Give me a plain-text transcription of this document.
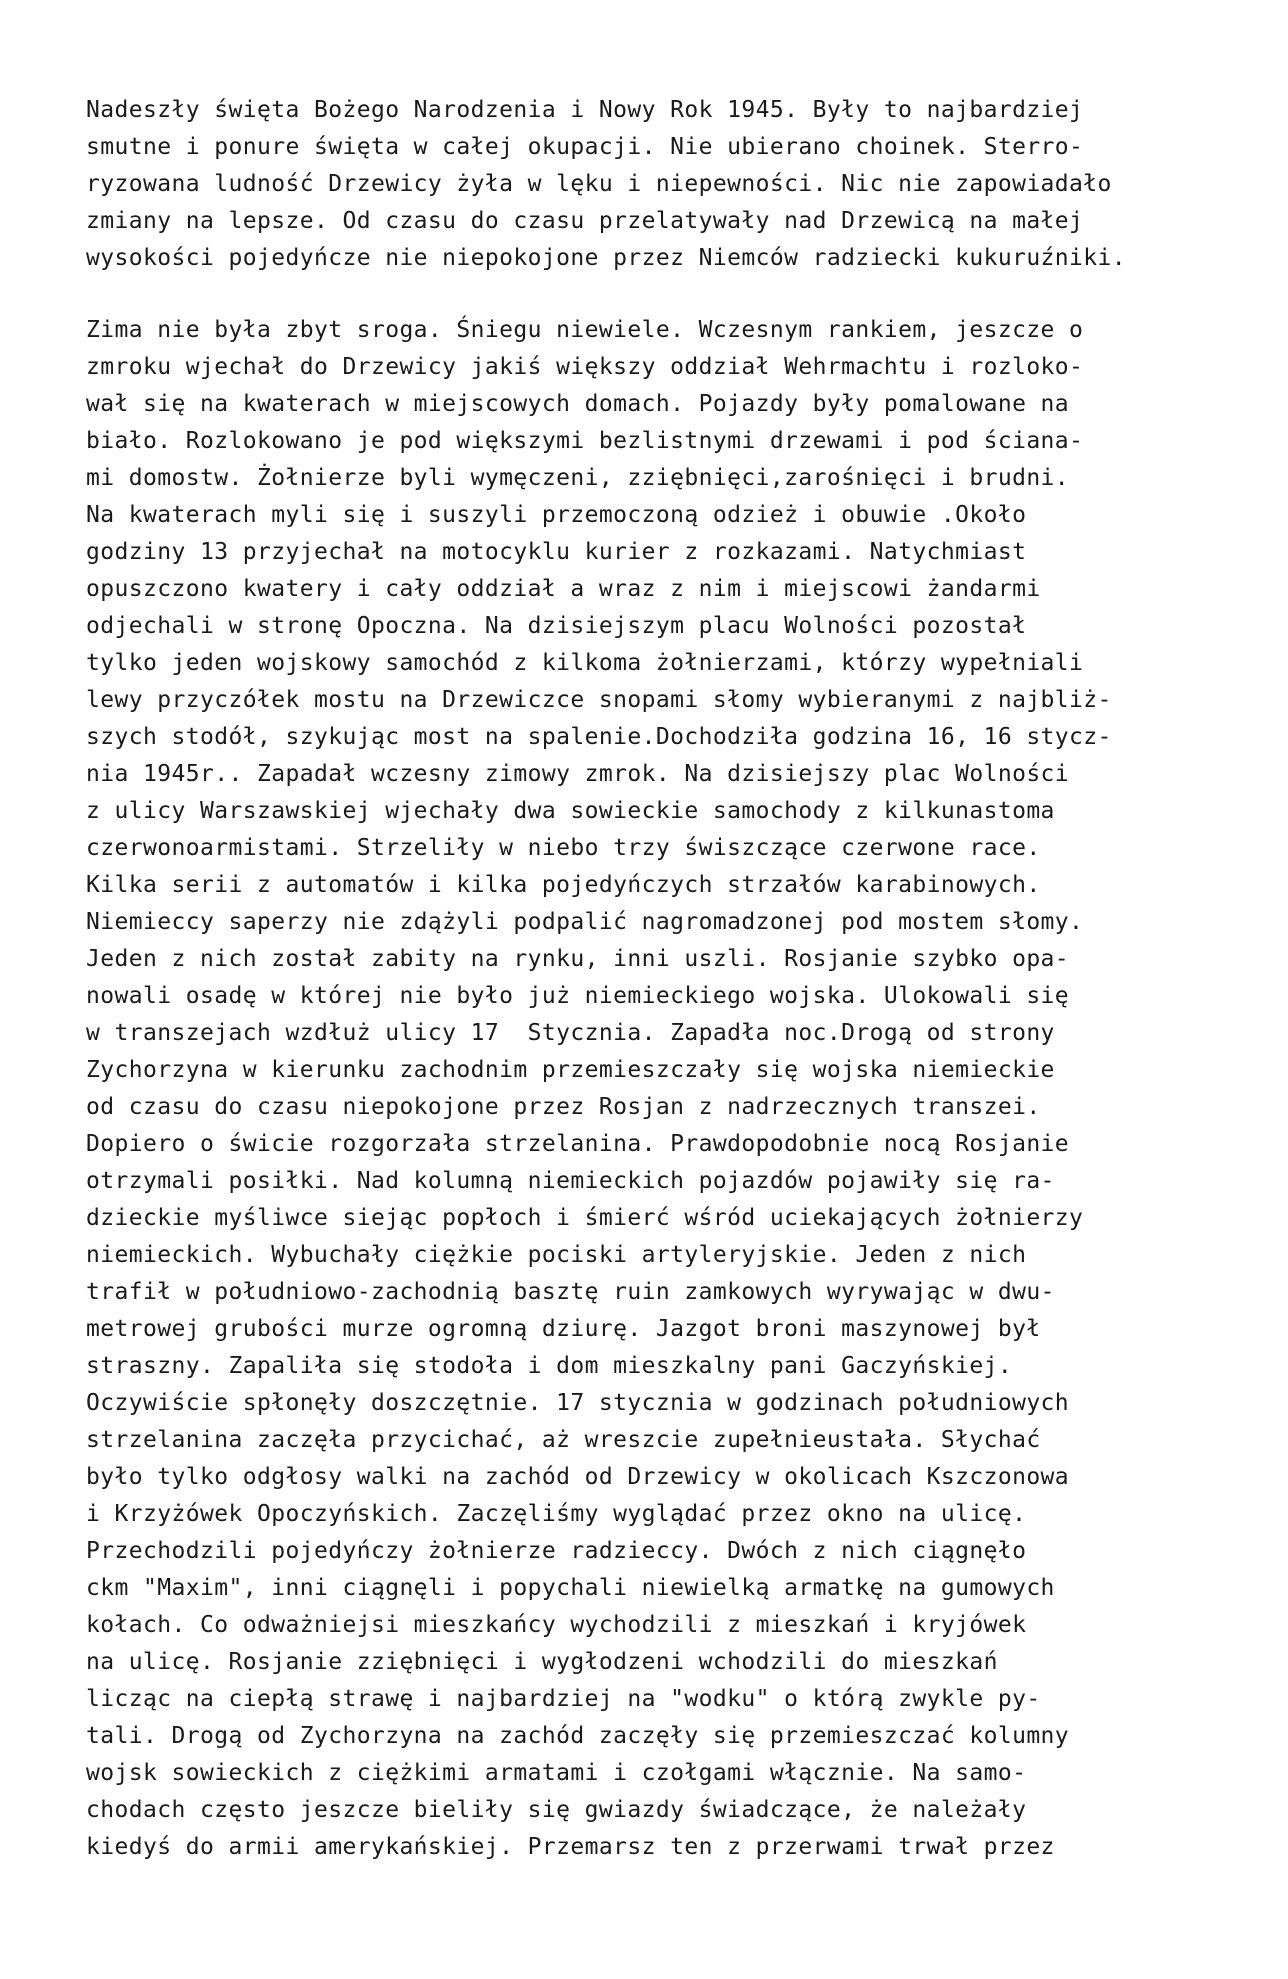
Nadeszły święta Bożego Narodzenia i Nowy Rok 1945. Były to najbardziej
smutne i ponure święta w całej okupacji. Nie ubierano choinek. Sterro-
ryzowana ludność Drzewicy żyła w lęku i niepewności. Nic nie zapowiadało
zmiany na lepsze. Od czasu do czasu przelatywały nad Drzewicą na małej
wysokości pojedyńcze nie niepokojone przez Niemców radziecki kukuruźniki.
Zima nie była zbyt sroga. Śniegu niewiele. Wczesnym rankiem, jeszcze o
zmroku wjechał do Drzewicy jakiś większy oddział Wehrmachtu i rozloko-
wał się na kwaterach w miejscowych domach. Pojazdy były pomalowane na
biało. Rozlokowano je pod większymi bezlistnymi drzewami i pod ściana-
mi domostw. Żołnierze byli wymęczeni, zziębnięci,zarośnięci i brudni.
Na kwaterach myli się i suszyli przemoczoną odzież i obuwie .Około
godziny 13 przyjechał na motocyklu kurier z rozkazami. Natychmiast
opuszczono kwatery i cały oddział a wraz z nim i miejscowi żandarmi
odjechali w stronę Opoczna. Na dzisiejszym placu Wolności pozostał
tylko jeden wojskowy samochód z kilkoma żołnierzami, którzy wypełniali
lewy przyczółek mostu na Drzewiczce snopami słomy wybieranymi z najbliż-
szych stodół, szykując most na spalenie.Dochodziła godzina 16, 16 stycz-
nia 1945r.. Zapadał wczesny zimowy zmrok. Na dzisiejszy plac Wolności
z ulicy Warszawskiej wjechały dwa sowieckie samochody z kilkunastoma
czerwonoarmistami. Strzeliły w niebo trzy świszczące czerwone race.
Kilka serii z automatów i kilka pojedyńczych strzałów karabinowych.
Niemieccy saperzy nie zdążyli podpalić nagromadzonej pod mostem słomy.
Jeden z nich został zabity na rynku, inni uszli. Rosjanie szybko opa-
nowali osadę w której nie było już niemieckiego wojska. Ulokowali się
w transzejach wzdłuż ulicy 17  Stycznia. Zapadła noc.Drogą od strony
Zychorzyna w kierunku zachodnim przemieszczały się wojska niemieckie
od czasu do czasu niepokojone przez Rosjan z nadrzecznych transzei.
Dopiero o świcie rozgorzała strzelanina. Prawdopodobnie nocą Rosjanie
otrzymali posiłki. Nad kolumną niemieckich pojazdów pojawiły się ra-
dzieckie myśliwce siejąc popłoch i śmierć wśród uciekających żołnierzy
niemieckich. Wybuchały ciężkie pociski artyleryjskie. Jeden z nich
trafił w południowo-zachodnią basztę ruin zamkowych wyrywając w dwu-
metrowej grubości murze ogromną dziurę. Jazgot broni maszynowej był
straszny. Zapaliła się stodoła i dom mieszkalny pani Gaczyńskiej.
Oczywiście spłonęły doszczętnie. 17 stycznia w godzinach południowych
strzelanina zaczęła przycichać, aż wreszcie zupełnieustała. Słychać
było tylko odgłosy walki na zachód od Drzewicy w okolicach Kszczonowa
i Krzyżówek Opoczyńskich. Zaczęliśmy wyglądać przez okno na ulicę.
Przechodzili pojedyńczy żołnierze radzieccy. Dwóch z nich ciągnęło
ckm "Maxim", inni ciągnęli i popychali niewielką armatkę na gumowych
kołach. Co odważniejsi mieszkańcy wychodzili z mieszkań i kryjówek
na ulicę. Rosjanie zziębnięci i wygłodzeni wchodzili do mieszkań
licząc na ciepłą strawę i najbardziej na "wodku" o którą zwykle py-
tali. Drogą od Zychorzyna na zachód zaczęły się przemieszczać kolumny
wojsk sowieckich z ciężkimi armatami i czołgami włącznie. Na samo-
chodach często jeszcze bieliły się gwiazdy świadczące, że należały
kiedyś do armii amerykańskiej. Przemarsz ten z przerwami trwał przez
